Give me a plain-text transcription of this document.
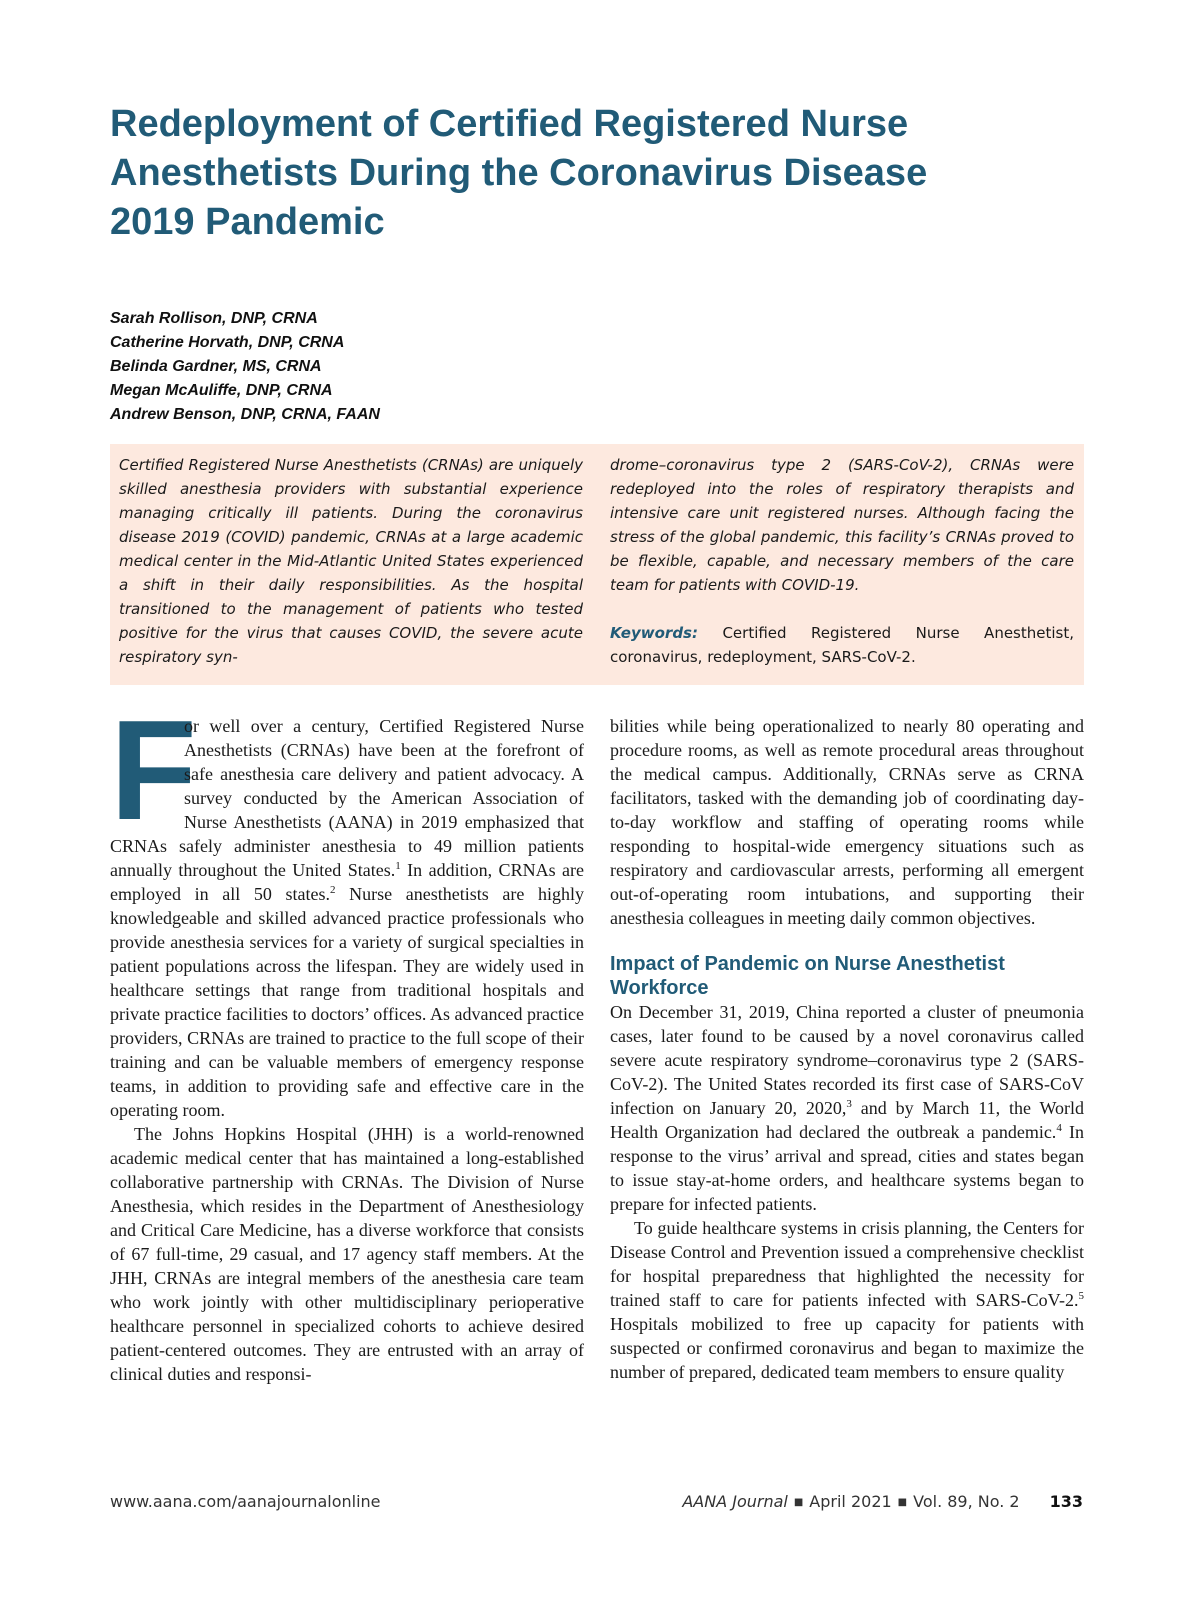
Redeployment of Certified Registered Nurse
Anesthetists During the Coronavirus Disease
2019 Pandemic
Sarah Rollison, DNP, CRNA
Catherine Horvath, DNP, CRNA
Belinda Gardner, MS, CRNA
Megan McAuliffe, DNP, CRNA
Andrew Benson, DNP, CRNA, FAAN

Certified Registered Nurse Anesthetists (CRNAs) are uniquely skilled anesthesia providers with substantial experience managing critically ill patients. During the coronavirus disease 2019 (COVID) pandemic, CRNAs at a large academic medical center in the Mid-Atlantic United States experienced a shift in their daily responsibilities. As the hospital transitioned to the management of patients who tested positive for the virus that causes COVID, the severe acute respiratory syn-

drome–coronavirus type 2 (SARS-CoV-2), CRNAs were redeployed into the roles of respiratory therapists and intensive care unit registered nurses. Although facing the stress of the global pandemic, this facility’s CRNAs proved to be flexible, capable, and necessary members of the care team for patients with COVID-19.

Keywords: Certified Registered Nurse Anesthetist, coronavirus, redeployment, SARS-CoV-2.

F
or well over a century, Certified Registered Nurse Anesthetists (CRNAs) have been at the forefront of safe anesthesia care delivery and patient advocacy. A survey conducted by the American Association of Nurse Anesthetists (AANA) in 2019 emphasized that CRNAs safely administer anesthesia to 49 million patients annually throughout the United States.$^1$ In addition, CRNAs are employed in all 50 states.$^2$ Nurse anesthetists are highly knowledgeable and skilled advanced practice professionals who provide anesthesia services for a variety of surgical specialties in patient populations across the lifespan. They are widely used in healthcare settings that range from traditional hospitals and private practice facilities to doctors’ offices. As advanced practice providers, CRNAs are trained to practice to the full scope of their training and can be valuable members of emergency response teams, in addition to providing safe and effective care in the operating room.

The Johns Hopkins Hospital (JHH) is a world-renowned academic medical center that has maintained a long-established collaborative partnership with CRNAs. The Division of Nurse Anesthesia, which resides in the Department of Anesthesiology and Critical Care Medicine, has a diverse workforce that consists of 67 full-time, 29 casual, and 17 agency staff members. At the JHH, CRNAs are integral members of the anesthesia care team who work jointly with other multidisciplinary perioperative healthcare personnel in specialized cohorts to achieve desired patient-centered outcomes. They are entrusted with an array of clinical duties and responsi-

bilities while being operationalized to nearly 80 operating and procedure rooms, as well as remote procedural areas throughout the medical campus. Additionally, CRNAs serve as CRNA facilitators, tasked with the demanding job of coordinating day-to-day workflow and staffing of operating rooms while responding to hospital-wide emergency situations such as respiratory and cardiovascular arrests, performing all emergent out-of-operating room intubations, and supporting their anesthesia colleagues in meeting daily common objectives.

Impact of Pandemic on Nurse Anesthetist Workforce

On December 31, 2019, China reported a cluster of pneumonia cases, later found to be caused by a novel coronavirus called severe acute respiratory syndrome–coronavirus type 2 (SARS-CoV-2). The United States recorded its first case of SARS-CoV infection on January 20, 2020,$^3$ and by March 11, the World Health Organization had declared the outbreak a pandemic.$^4$ In response to the virus’ arrival and spread, cities and states began to issue stay-at-home orders, and healthcare systems began to prepare for infected patients.

To guide healthcare systems in crisis planning, the Centers for Disease Control and Prevention issued a comprehensive checklist for hospital preparedness that highlighted the necessity for trained staff to care for patients infected with SARS-CoV-2.$^5$ Hospitals mobilized to free up capacity for patients with suspected or confirmed coronavirus and began to maximize the number of prepared, dedicated team members to ensure quality

www.aana.com/aanajournalonline	AANA Journal ■ April 2021 ■ Vol. 89, No. 2 133
